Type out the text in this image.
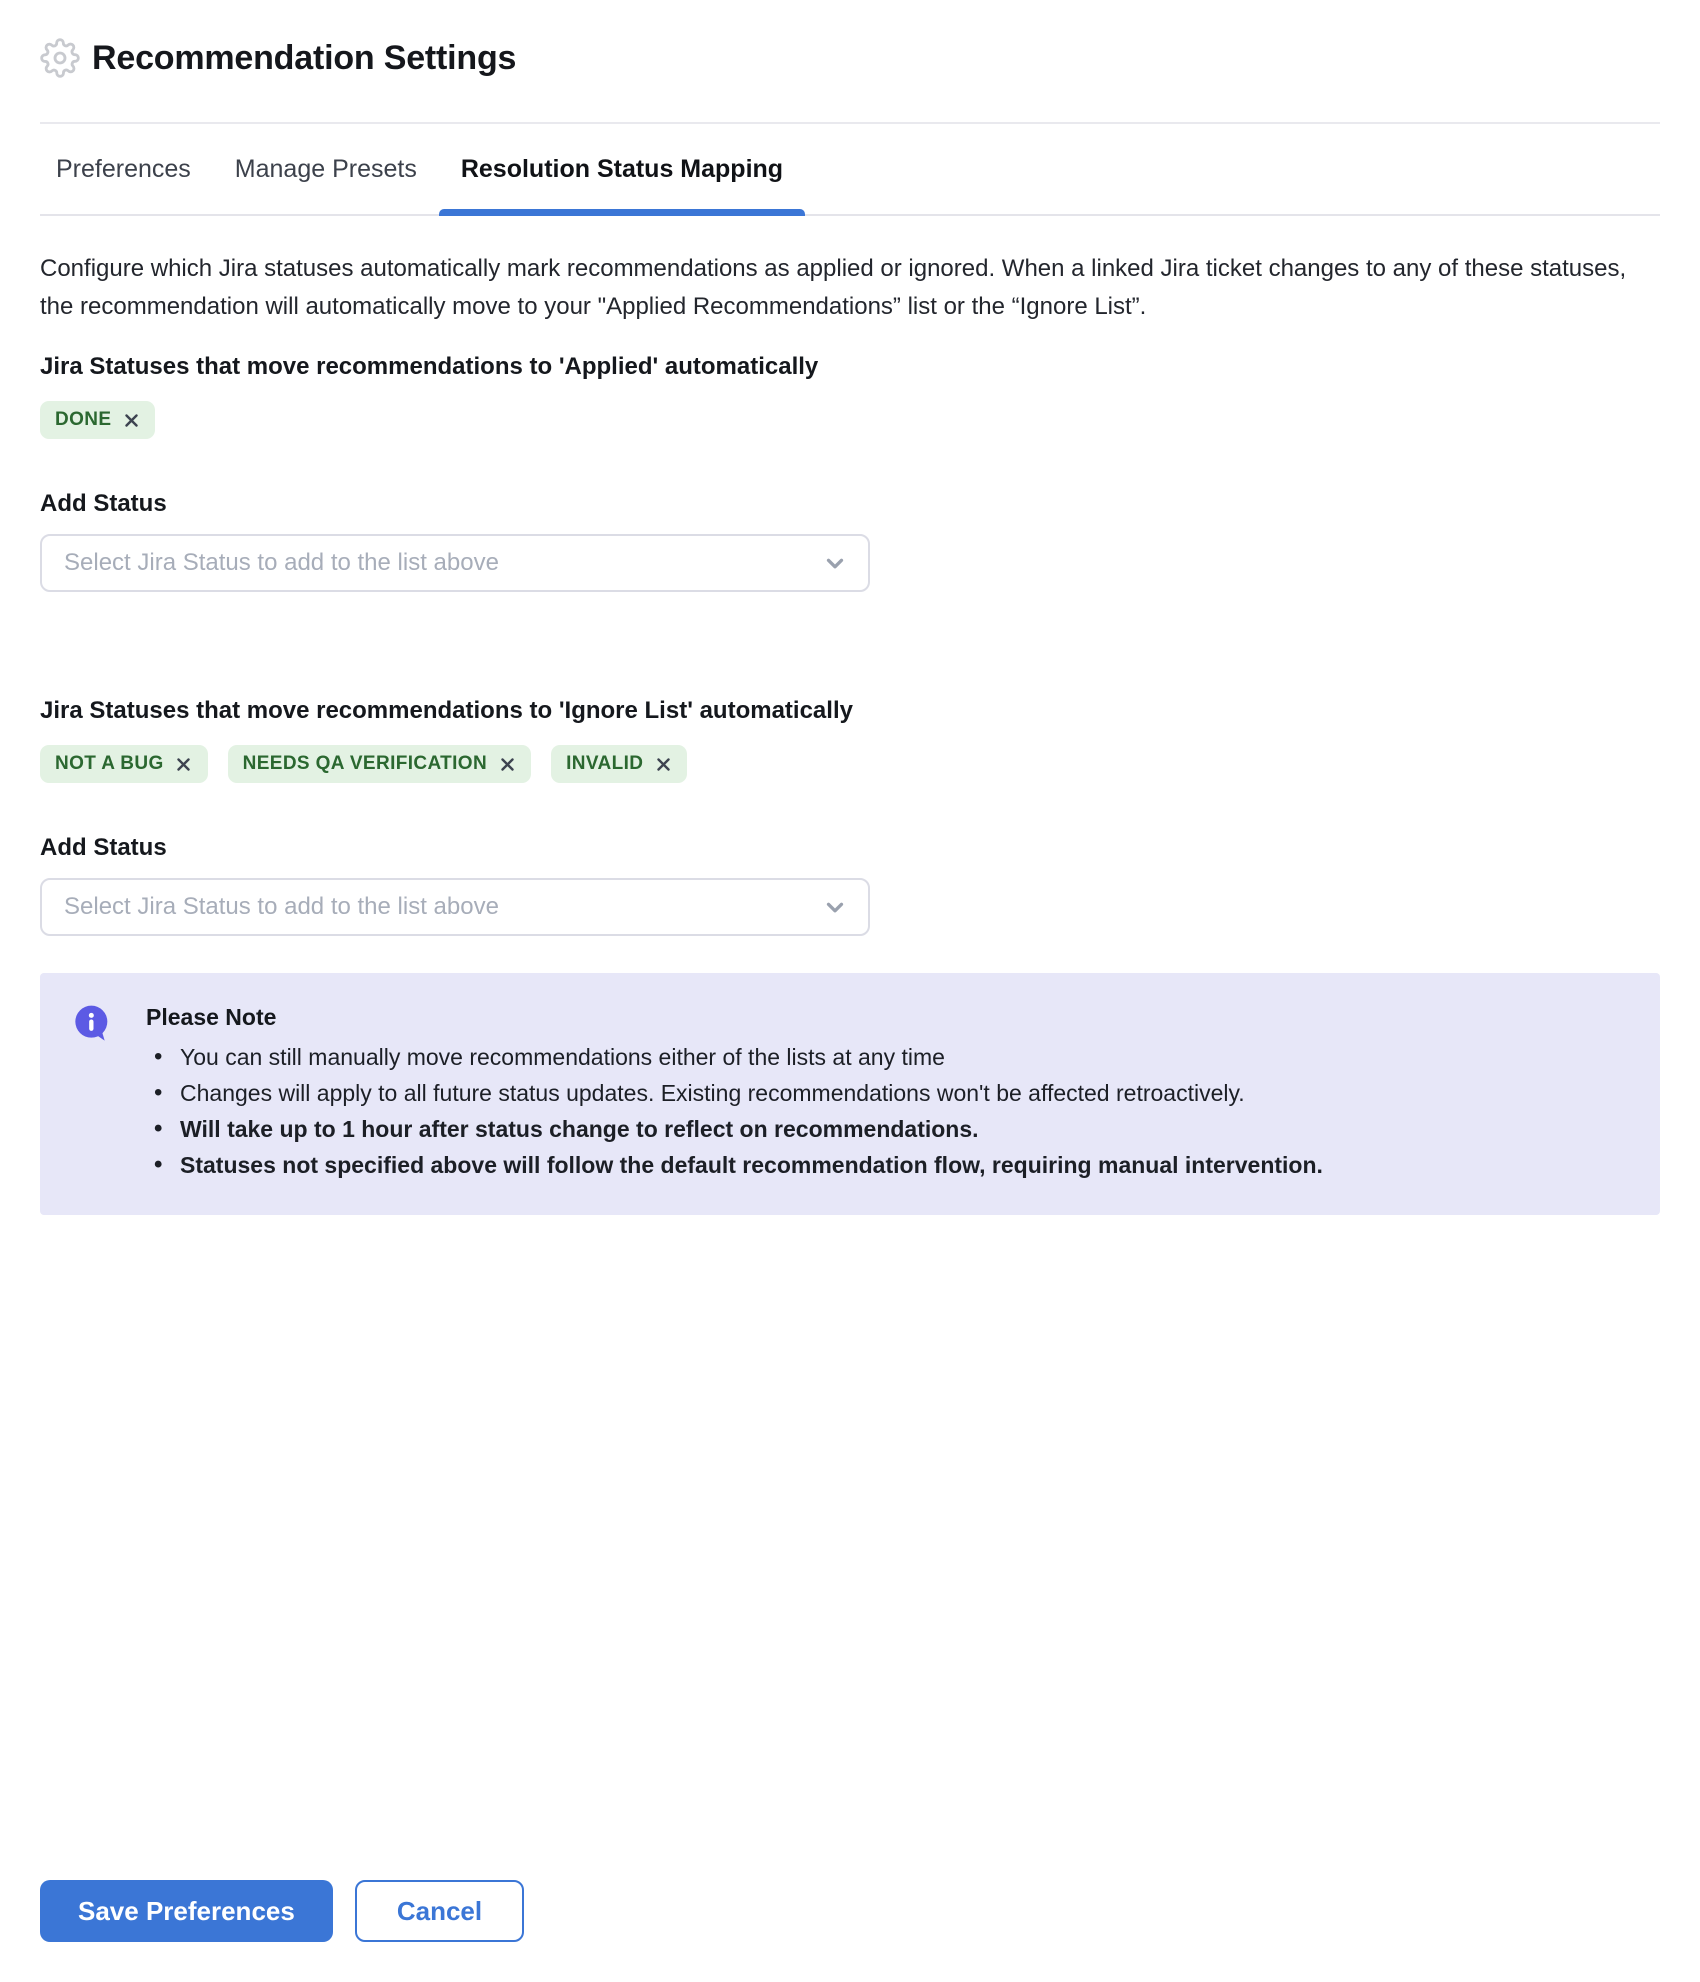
Recommendation Settings
Preferences	Manage Presets	Resolution Status Mapping

Configure which Jira statuses automatically mark recommendations as applied or ignored. When a linked Jira ticket changes to any of these statuses, the recommendation will automatically move to your "Applied Recommendations” list or the “Ignore List”.

Jira Statuses that move recommendations to 'Applied' automatically
DONE
Add Status
Select Jira Status to add to the list above
Jira Statuses that move recommendations to 'Ignore List' automatically
NOT A BUG	NEEDS QA VERIFICATION	INVALID
Add Status
Select Jira Status to add to the list above
Please Note
• You can still manually move recommendations either of the lists at any time
• Changes will apply to all future status updates. Existing recommendations won't be affected retroactively.
• Will take up to 1 hour after status change to reflect on recommendations.
• Statuses not specified above will follow the default recommendation flow, requiring manual intervention.
Save Preferences	Cancel
